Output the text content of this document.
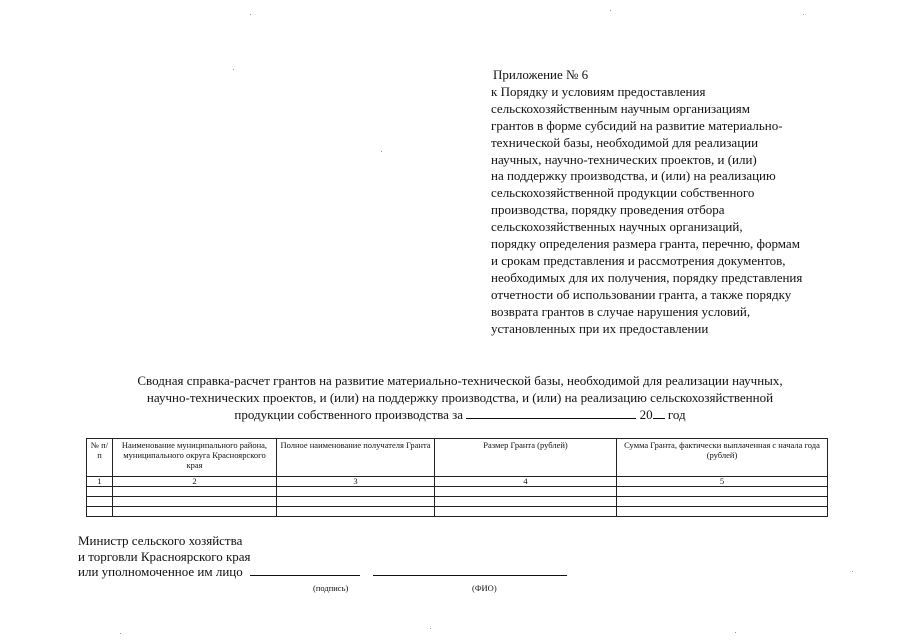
Приложение № 6
к Порядку и условиям предоставления
сельскохозяйственным научным организациям
грантов в форме субсидий на развитие материально-
технической базы, необходимой для реализации
научных, научно-технических проектов, и (или)
на поддержку производства, и (или) на реализацию
сельскохозяйственной продукции собственного
производства, порядку проведения отбора
сельскохозяйственных научных организаций,
порядку определения размера гранта, перечню, формам
и срокам представления и рассмотрения документов,
необходимых для их получения, порядку представления
отчетности об использовании гранта, а также порядку
возврата грантов в случае нарушения условий,
установленных при их предоставлении
Сводная справка-расчет грантов на развитие материально-технической базы, необходимой для реализации научных,
научно-технических проектов, и (или) на поддержку производства, и (или) на реализацию сельскохозяйственной
продукции собственного производства за	20 год
№ п/п	Наименование муниципального района, муниципального округа Красноярского края	Полное наименование получателя Гранта	Размер Гранта (рублей)	Сумма Гранта, фактически выплаченная с начала года (рублей)
1	2	3	4	5

Министр сельского хозяйства
и торговли Красноярского края
или уполномоченное им лицо
(подпись)	(ФИО)
